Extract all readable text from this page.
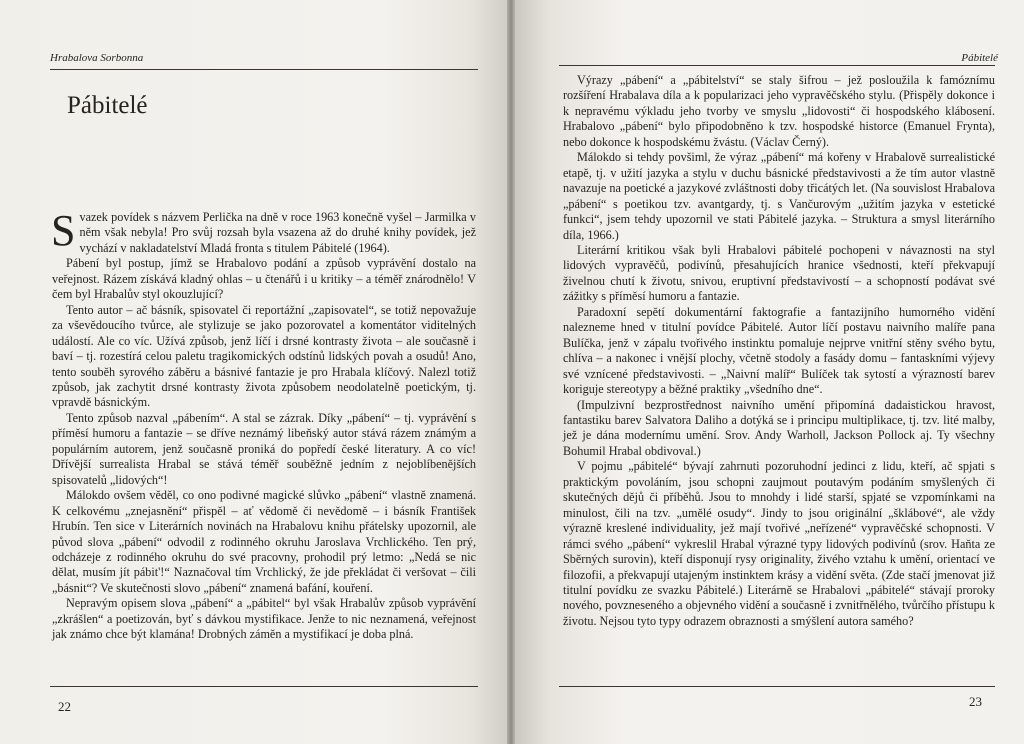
Hrabalova Sorbonna
Pábitelé

Svazek povídek s názvem Perlička na dně v roce 1963 konečně vyšel – Jarmilka v něm však nebyla! Pro svůj rozsah byla vsazena až do druhé knihy povídek, jež vychází v nakladatelství Mladá fronta s titulem Pábitelé (1964).

Pábení byl postup, jímž se Hrabalovo podání a způsob vyprávění dostalo na veřejnost. Rázem získává kladný ohlas – u čtenářů i u kritiky – a téměř znárodnělo! V čem byl Hrabalův styl okouzlující?

Tento autor – ač básník, spisovatel či reportážní „zapisovatel“, se totiž nepovažuje za vševědoucího tvůrce, ale stylizuje se jako pozorovatel a komentátor viditelných událostí. Ale co víc. Užívá způsob, jenž líčí i drsné kontrasty života – ale současně i baví – tj. rozestírá celou paletu tragikomických odstínů lidských povah a osudů! Ano, tento souběh syrového záběru a básnivé fantazie je pro Hrabala klíčový. Nalezl totiž způsob, jak zachytit drsné kontrasty života způsobem neodolatelně poetickým, tj. vpravdě básnickým.

Tento způsob nazval „pábením“. A stal se zázrak. Díky „pábení“ – tj. vyprávění s příměsí humoru a fantazie – se dříve neznámý libeňský autor stává rázem známým a populárním autorem, jenž současně proniká do popředí české literatury. A co víc! Dřívější surrealista Hrabal se stává téměř souběžně jedním z nejoblíbenějších spisovatelů „lidových“!

Málokdo ovšem věděl, co ono podivné magické slůvko „pábení“ vlastně znamená. K celkovému „znejasnění“ přispěl – ať vědomě či nevědomě – i básník František Hrubín. Ten sice v Literárních novinách na Hrabalovu knihu přátelsky upozornil, ale původ slova „pábení“ odvodil z rodinného okruhu Jaroslava Vrchlického. Ten prý, odcházeje z rodinného okruhu do své pracovny, prohodil prý letmo: „Nedá se nic dělat, musím jít pábit'!“ Naznačoval tím Vrchlický, že jde překládat či veršovat – čili „básnit“? Ve skutečnosti slovo „pábení“ znamená bafání, kouření.

Nepravým opisem slova „pábení“ a „pábitel“ byl však Hrabalův způsob vyprávění „zkrášlen“ a poetizován, byť s dávkou mystifikace. Jenže to nic neznamená, veřejnost jak známo chce být klamána! Drobných záměn a mystifikací je doba plná.

22
Pábitelé

Výrazy „pábení“ a „pábitelství“ se staly šifrou – jež posloužila k famóznímu rozšíření Hrabalava díla a k popularizaci jeho vypravěčského stylu. (Přispěly dokonce i k nepravému výkladu jeho tvorby ve smyslu „lidovosti“ či hospodského klábosení. Hrabalovo „pábení“ bylo připodobněno k tzv. hospodské historce (Emanuel Fryntа), nebo dokonce k hospodskému žvástu. (Václav Černý).

Málokdo si tehdy povšiml, že výraz „pábení“ má kořeny v Hrabalově surrealistické etapě, tj. v užití jazyka a stylu v duchu básnické představivosti a že tím autor vlastně navazuje na poetické a jazykové zvláštnosti doby třicátých let. (Na souvislost Hrabalova „pábení“ s poetikou tzv. avantgardy, tj. s Vančurovým „užitím jazyka v estetické funkci“, jsem tehdy upozornil ve stati Pábitelé jazyka. – Struktura a smysl literárního díla, 1966.)

Literární kritikou však byli Hrabalovi pábitelé pochopeni v návaznosti na styl lidových vypravěčů, podivínů, přesahujících hranice všednosti, kteří překvapují živelnou chutí k životu, snivou, eruptivní představivostí – a schopností podávat své zážitky s příměsí humoru a fantazie.

Paradoxní sepětí dokumentární faktografie a fantazijního humorného vidění nalezneme hned v titulní povídce Pábitelé. Autor líčí postavu naivního malíře pana Bulíčka, jenž v zápalu tvořivého instinktu pomaluje nejprve vnitřní stěny svého bytu, chlíva – a nakonec i vnější plochy, včetně stodoly a fasády domu – fantaskními výjevy své vznícené představivosti. – „Naivní malíř“ Bulíček tak sytostí a výrazností barev koriguje stereotypy a běžné praktiky „všedního dne“.

(Impulzivní bezprostřednost naivního umění připomíná dadaistickou hravost, fantastiku barev Salvatora Daliho a dotýká se i principu multiplikace, tj. tzv. lité malby, jež je dána modernímu umění. Srov. Andy Warholl, Jackson Pollock aj. Ty všechny Bohumil Hrabal obdivoval.)

V pojmu „pábitelé“ bývají zahrnuti pozoruhodní jedinci z lidu, kteří, ač spjati s praktickým povoláním, jsou schopni zaujmout poutavým podáním smyšlených či skutečných dějů či příběhů. Jsou to mnohdy i lidé starší, spjaté se vzpomínkami na minulost, čili na tzv. „umělé osudy“. Jindy to jsou originální „šklábové“, ale vždy výrazně kreslené individuality, jež mají tvořivé „neřízené“ vypravěčské schopnosti. V rámci svého „pábení“ vykreslil Hrabal výrazné typy lidových podivínů (srov. Haňta ze Sběrných surovin), kteří disponují rysy originality, živého vztahu k umění, orientací ve filozofii, a překvapují utajeným instinktem krásy a vidění světa. (Zde stačí jmenovat již titulní povídku ze svazku Pábitelé.) Literárně se Hrabalovi „pábitelé“ stávají proroky nového, povzneseného a objevného vidění a současně i zvnitřnělého, tvůrčího přístupu k životu. Nejsou tyto typy odrazem obraznosti a smýšlení autora samého?

23
